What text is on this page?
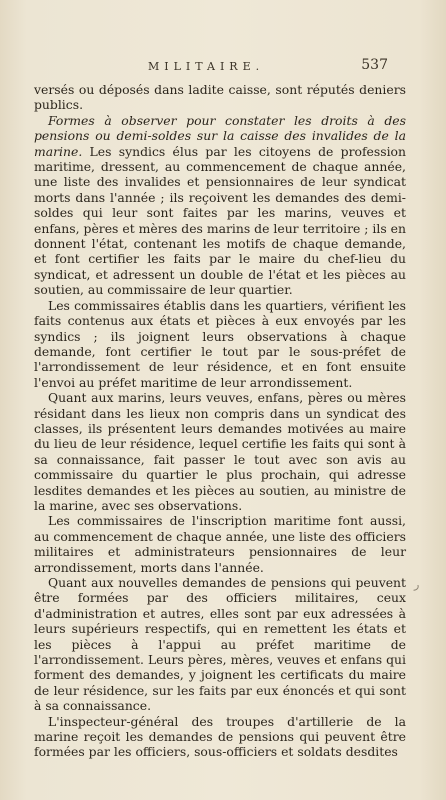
MILITAIRE.	537

versés ou déposés dans ladite caisse, sont réputés deniers publics.

Formes à observer pour constater les droits à des pensions ou demi-soldes sur la caisse des invalides de la marine. Les syndics élus par les citoyens de profession maritime, dressent, au commencement de chaque année, une liste des invalides et pensionnaires de leur syndicat morts dans l'année ; ils reçoivent les demandes des demi-soldes qui leur sont faites par les marins, veuves et enfans, pères et mères des marins de leur territoire ; ils en donnent l'état, contenant les motifs de chaque demande, et font certifier les faits par le maire du chef-lieu du syndicat, et adressent un double de l'état et les pièces au soutien, au commissaire de leur quartier.

Les commissaires établis dans les quartiers, vérifient les faits contenus aux états et pièces à eux envoyés par les syndics ; ils joignent leurs observations à chaque demande, font certifier le tout par le sous-préfet de l'arrondissement de leur résidence, et en font ensuite l'envoi au préfet maritime de leur arrondissement.

Quant aux marins, leurs veuves, enfans, pères ou mères résidant dans les lieux non compris dans un syndicat des classes, ils présentent leurs demandes motivées au maire du lieu de leur résidence, lequel certifie les faits qui sont à sa connaissance, fait passer le tout avec son avis au commissaire du quartier le plus prochain, qui adresse lesdites demandes et les pièces au soutien, au ministre de la marine, avec ses observations.

Les commissaires de l'inscription maritime font aussi, au commencement de chaque année, une liste des officiers militaires et administrateurs pensionnaires de leur arrondissement, morts dans l'année.

Quant aux nouvelles demandes de pensions qui peuvent être formées par des officiers militaires, ceux d'administration et autres, elles sont par eux adressées à leurs supérieurs respectifs, qui en remettent les états et les pièces à l'appui au préfet maritime de l'arrondissement. Leurs pères, mères, veuves et enfans qui forment des demandes, y joignent les certificats du maire de leur résidence, sur les faits par eux énoncés et qui sont à sa connaissance.

L'inspecteur-général des troupes d'artillerie de la marine reçoit les demandes de pensions qui peuvent être formées par les officiers, sous-officiers et soldats desdites

ر
